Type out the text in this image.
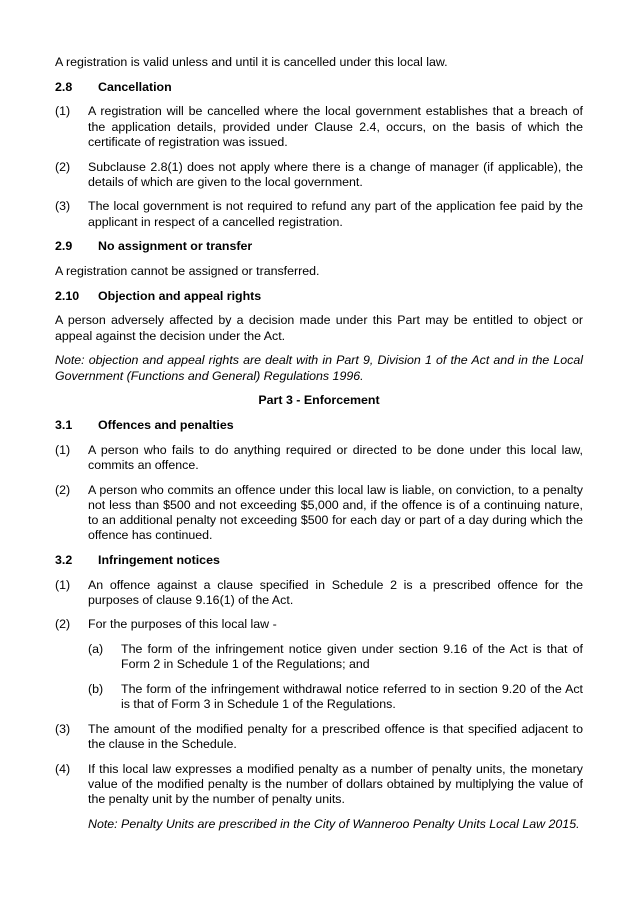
A registration is valid unless and until it is cancelled under this local law.

2.8	Cancellation
(1)	A registration will be cancelled where the local government establishes that a breach of the application details, provided under Clause 2.4, occurs, on the basis of which the certificate of registration was issued.
(2)	Subclause 2.8(1) does not apply where there is a change of manager (if applicable), the details of which are given to the local government.
(3)	The local government is not required to refund any part of the application fee paid by the applicant in respect of a cancelled registration.
2.9	No assignment or transfer

A registration cannot be assigned or transferred.

2.10	Objection and appeal rights

A person adversely affected by a decision made under this Part may be entitled to object or appeal against the decision under the Act.

Note: objection and appeal rights are dealt with in Part 9, Division 1 of the Act and in the Local Government (Functions and General) Regulations 1996.

Part 3 - Enforcement

3.1	Offences and penalties
(1)	A person who fails to do anything required or directed to be done under this local law, commits an offence.
(2)	A person who commits an offence under this local law is liable, on conviction, to a penalty not less than $500 and not exceeding $5,000 and, if the offence is of a continuing nature, to an additional penalty not exceeding $500 for each day or part of a day during which the offence has continued.
3.2	Infringement notices
(1)	An offence against a clause specified in Schedule 2 is a prescribed offence for the purposes of clause 9.16(1) of the Act.
(2)	For the purposes of this local law -
(a)	The form of the infringement notice given under section 9.16 of the Act is that of Form 2 in Schedule 1 of the Regulations; and
(b)	The form of the infringement withdrawal notice referred to in section 9.20 of the Act is that of Form 3 in Schedule 1 of the Regulations.
(3)	The amount of the modified penalty for a prescribed offence is that specified adjacent to the clause in the Schedule.
(4)	If this local law expresses a modified penalty as a number of penalty units, the monetary value of the modified penalty is the number of dollars obtained by multiplying the value of the penalty unit by the number of penalty units.

Note: Penalty Units are prescribed in the City of Wanneroo Penalty Units Local Law 2015.
